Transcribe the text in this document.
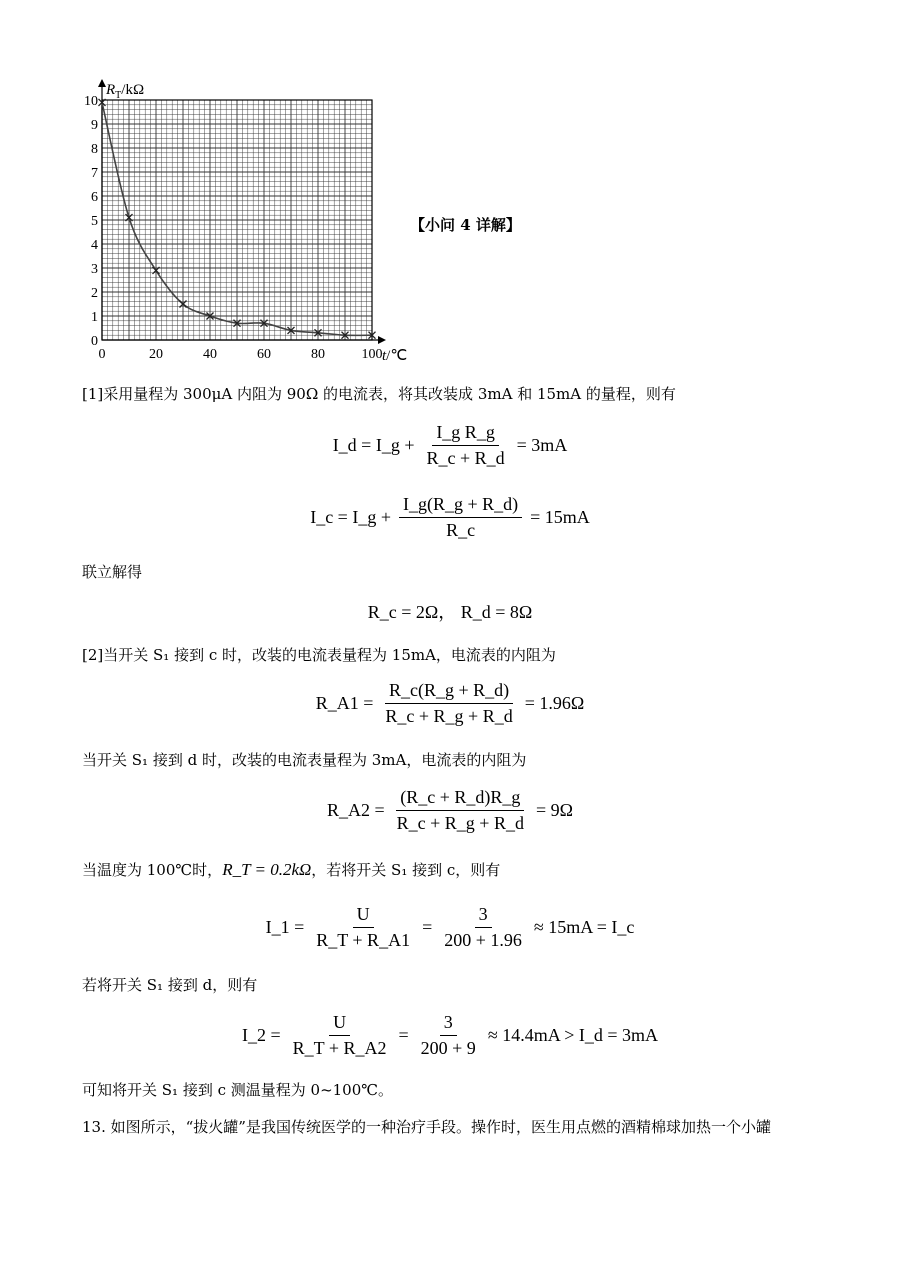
0
1
2
3
4
5
6
7
8
9
10
0	20	40	60	80	100
$R_T/k\Omega$
t/℃
【小问 4 详解】
[1]采用量程为 300μA 内阻为 90Ω 的电流表，将其改装成 3mA 和 15mA 的量程，则有
I_d = I_g + $\frac{\text{I\_g R\_g}}{R\_c + R\_d} = 3mA$
I_c = I_g + $\frac{I\_g(R\_g + R\_d)}{R\_c} = 15mA$
联立解得
R_c = 2Ω， R_d = 8Ω
[2]当开关 S₁ 接到 c 时，改装的电流表量程为 15mA，电流表的内阻为
R_A1 = $\frac{R\_c(R\_g + R\_d)}{R\_c + R\_g + R\_d} = 1.96\Omega$
当开关 S₁ 接到 d 时，改装的电流表量程为 3mA，电流表的内阻为
R_A2 = $\frac{(R\_c + R\_d)R\_g}{R\_c + R\_g + R\_d} = 9\Omega$
当温度为 100℃时，R_T = 0.2kΩ，若将开关 S₁ 接到 c，则有
I_1 = $\frac{U}{R\_T + R\_A1} = \frac{3}{200 + 1.96} \approx 15mA$ = I_c
若将开关 S₁ 接到 d，则有
I_2 = $\frac{U}{R\_T + R\_A2} = \frac{3}{200 + 9} \approx 14.4mA$ > I_d = 3mA
可知将开关 S₁ 接到 c 测温量程为 0~100℃。
13. 如图所示，“拔火罐”是我国传统医学的一种治疗手段。操作时，医生用点燃的酒精棉球加热一个小罐
